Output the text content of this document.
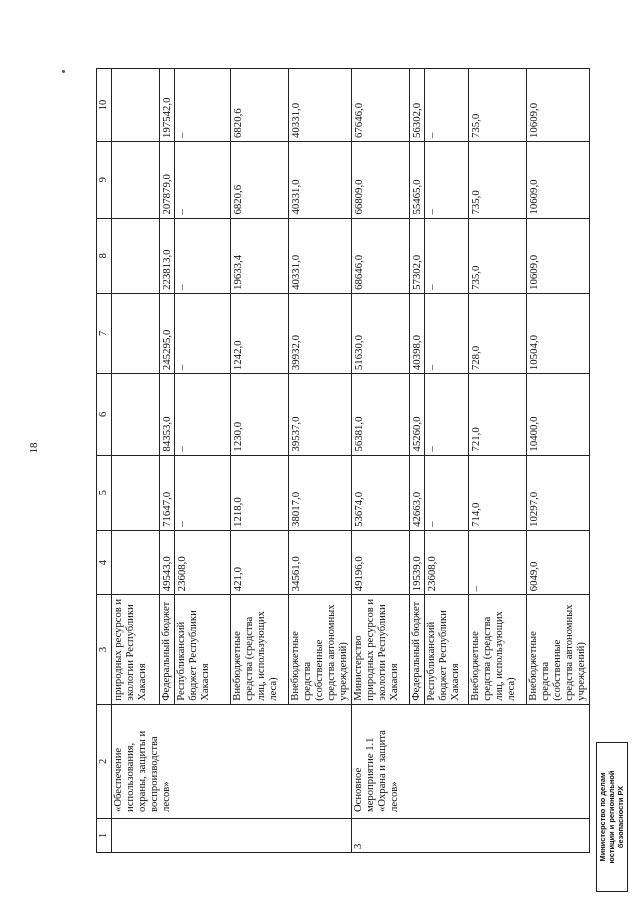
18
1	2	3	4	5	6	7	8	9	10
	«Обеспечение использования, охраны, защиты и воспроизводства лесов»	природных ресурсов и экологии Республики Хакасия							
		Федеральный бюджет	49543,0	71647,0	84353,0	245295,0	223813,0	207879,0	197542,0
		Республиканский бюджет Республики Хакасия	23608,0	–	–	–	–	–	–
		Внебюджетные средства (средства лиц, использующих леса)	421,0	1218,0	1230,0	1242,0	19633,4	6820,6	6820,6
		Внебюджетные средства (собственные средства автономных учреждений)	34561,0	38017,0	39537,0	39932,0	40331,0	40331,0	40331,0
3	Основное мероприятие 1.1 «Охрана и защита лесов»	Министерство природных ресурсов и экологии Республики Хакасия	49196,0	53674,0	56381,0	51630,0	68646,0	66809,0	67646,0
		Федеральный бюджет	19539,0	42663,0	45260,0	40398,0	57302,0	55465,0	56302,0
		Республиканский бюджет Республики Хакасия	23608,0	–	–	–	–	–	–
		Внебюджетные средства (средства лиц, использующих леса)	–	714,0	721,0	728,0	735,0	735,0	735,0
		Внебюджетные средства (собственные средства автономных учреждений)	6049,0	10297,0	10400,0	10504,0	10609,0	10609,0	10609,0
Министерство по делам юстиции и региональной безопасности РХ
